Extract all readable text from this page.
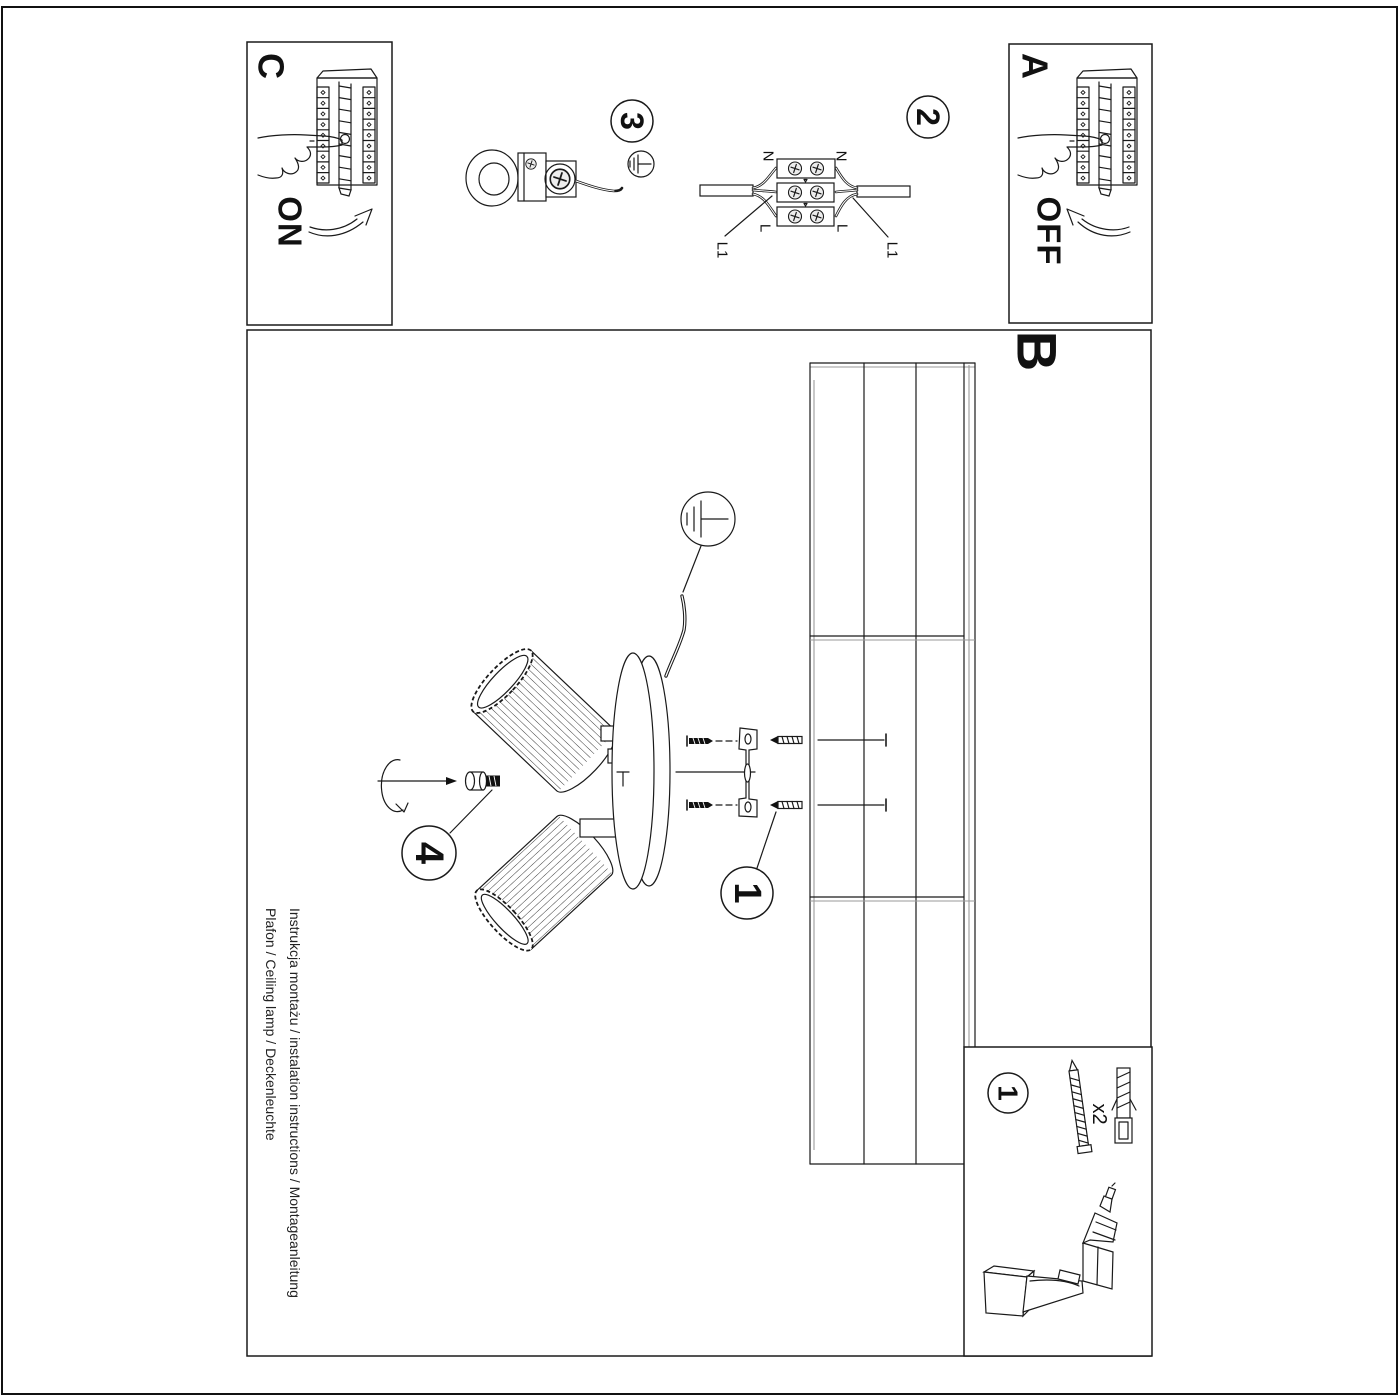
C
ON
A
OFF
B
3
N	N
L	L
L1	L1
2
4
1
1
x2
Instrukcja montażu / instalation instructions / Montageanleitung
Plafon / Ceiling lamp / Deckenleuchte
